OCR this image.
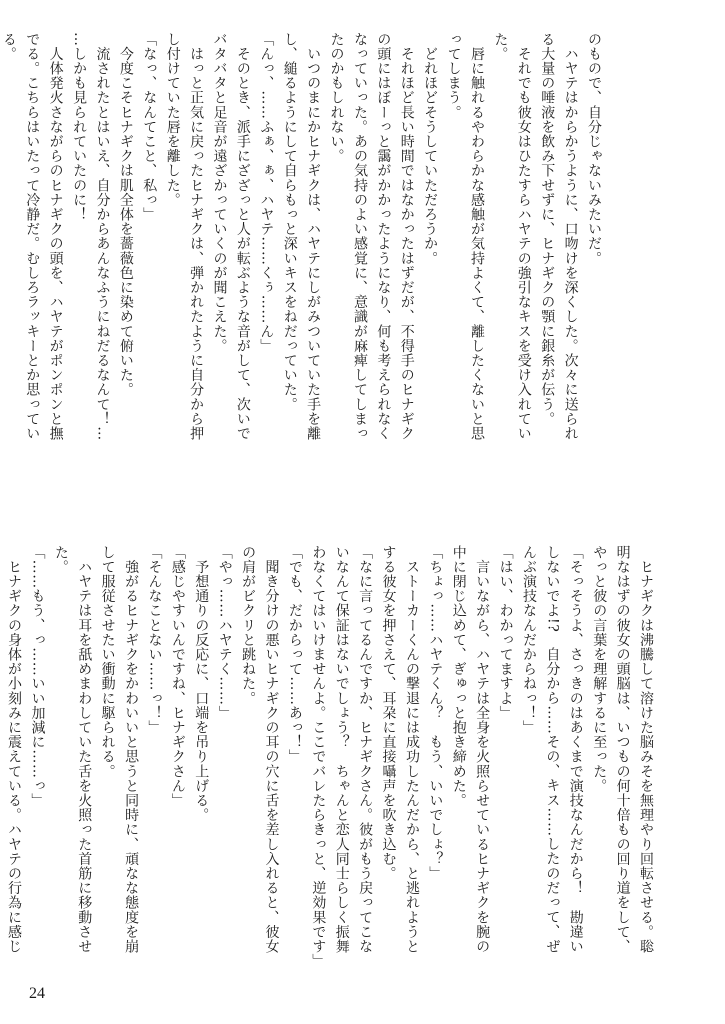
のもので、自分じゃないみたいだ。

　ハヤテはからかうように、口吻けを深くした。次々に送られ

る大量の唾液を飲み下せずに、ヒナギクの顎に銀糸が伝う。

　それでも彼女はひたすらハヤテの強引なキスを受け入れてい

た。

　唇に触れるやわらかな感触が気持よくて、離したくないと思

ってしまう。

　どれほどそうしていただろうか。

　それほど長い時間ではなかったはずだが、不得手のヒナギク

の頭にはぼーっと靄がかかったようになり、何も考えられなく

なっていった。あの気持のよい感覚に、意識が麻痺してしまっ

たのかもしれない。

　いつのまにかヒナギクは、ハヤテにしがみついていた手を離

し、縋るようにして自らもっと深いキスをねだっていた。

「んっ、……ふぁ、ぁ、ハヤテ……くぅ……ん」

　そのとき、派手にざざっと人が転ぶような音がして、次いで

バタバタと足音が遠ざかっていくのが聞こえた。

　はっと正気に戻ったヒナギクは、弾かれたように自分から押

し付けていた唇を離した。

「なっ、なんてこと、私っ」

　今度こそヒナギクは肌全体を薔薇色に染めて俯いた。

　流されたとはいえ、自分からあんなふうにねだるなんて！…

…しかも見られていたのに！

　人体発火さながらのヒナギクの頭を、ハヤテがポンポンと撫

でる。こちらはいたって冷静だ。むしろラッキーとか思ってい

る。

　ヒナギクは沸騰して溶けた脳みそを無理やり回転させる。聡

明なはずの彼女の頭脳は、いつもの何十倍もの回り道をして、

やっと彼の言葉を理解するに至った。

「そっそうよ、さっきのはあくまで演技なんだから！　勘違い

しないでよ!?　自分から……その、キス……したのだって、ぜ

んぶ演技なんだからねっ！」

「はい、わかってますよ」

　言いながら、ハヤテは全身を火照らせているヒナギクを腕の

中に閉じ込めて、ぎゅっと抱き締めた。

「ちょっ……ハヤテくん？　もう、いいでしょ？」

　ストーカーくんの撃退には成功したんだから、と逃れようと

する彼女を押さえて、耳朶に直接囁声を吹き込む。

「なに言ってるんですか、ヒナギクさん。彼がもう戻ってこな

いなんて保証はないでしょう？　ちゃんと恋人同士らしく振舞

わなくてはいけませんよ。ここでバレたらきっと、逆効果です」

「でも、だからって……あっ！」

　聞き分けの悪いヒナギクの耳の穴に舌を差し入れると、彼女

の肩がビクリと跳ねた。

「やっ……ハヤテく……」

　予想通りの反応に、口端を吊り上げる。

「感じやすいんですね、ヒナギクさん」

「そんなことない……っ！」

　強がるヒナギクをかわいいと思うと同時に、頑なな態度を崩

して服従させたい衝動に駆られる。

　ハヤテは耳を舐めまわしていた舌を火照った首筋に移動させ

た。

「……もう、っ……いい加減に……っ」

　ヒナギクの身体が小刻みに震えている。ハヤテの行為に感じ

24
